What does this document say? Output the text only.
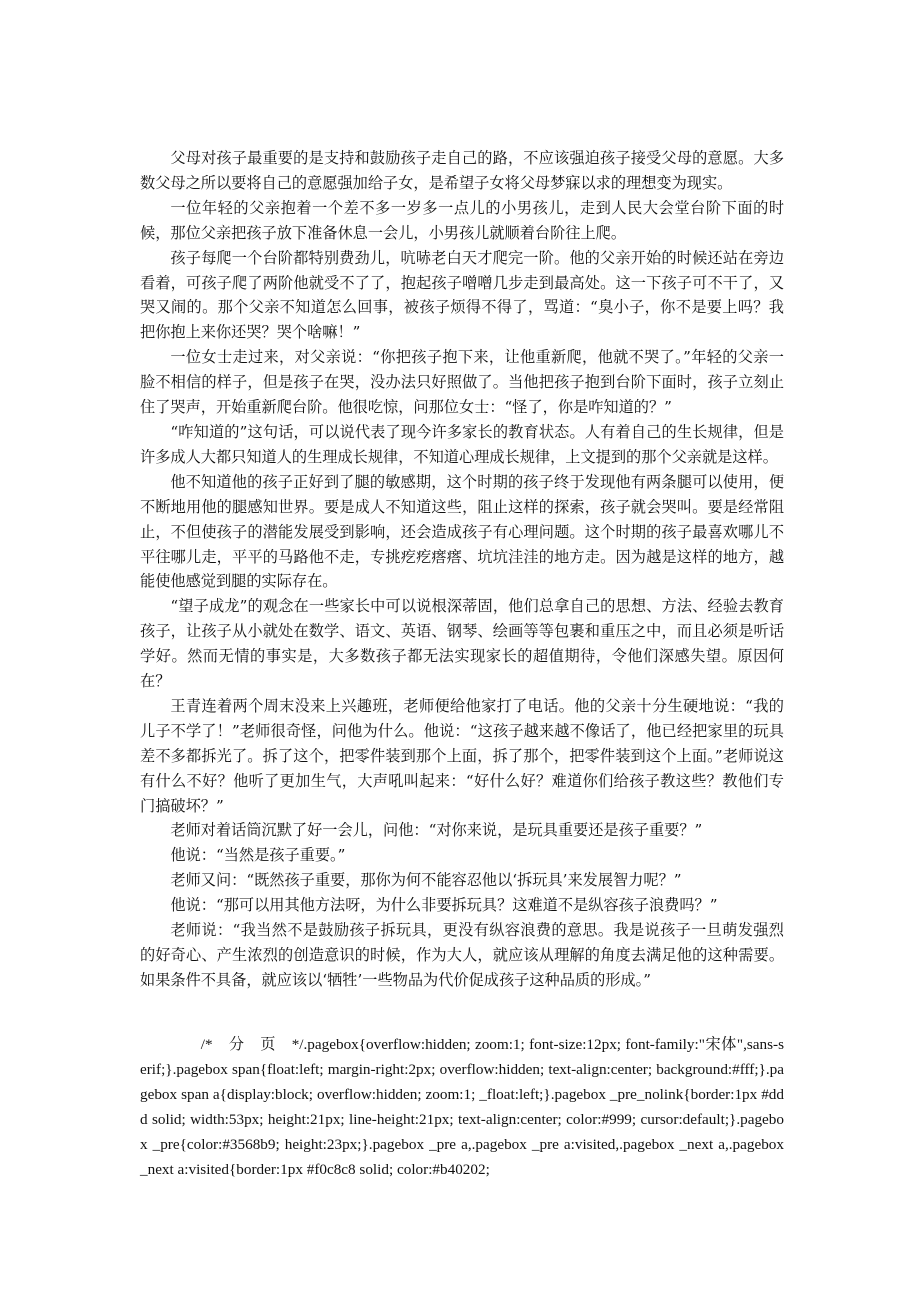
父母对孩子最重要的是支持和鼓励孩子走自己的路，不应该强迫孩子接受父母的意愿。大多数父母之所以要将自己的意愿强加给子女，是希望子女将父母梦寐以求的理想变为现实。

一位年轻的父亲抱着一个差不多一岁多一点儿的小男孩儿，走到人民大会堂台阶下面的时候，那位父亲把孩子放下准备休息一会儿，小男孩儿就顺着台阶往上爬。

孩子每爬一个台阶都特别费劲儿，吭哧老白天才爬完一阶。他的父亲开始的时候还站在旁边看着，可孩子爬了两阶他就受不了了，抱起孩子噌噌几步走到最高处。这一下孩子可不干了，又哭又闹的。那个父亲不知道怎么回事，被孩子烦得不得了，骂道：“臭小子，你不是要上吗？我把你抱上来你还哭？哭个啥嘛！”

一位女士走过来，对父亲说：“你把孩子抱下来，让他重新爬，他就不哭了。”年轻的父亲一脸不相信的样子，但是孩子在哭，没办法只好照做了。当他把孩子抱到台阶下面时，孩子立刻止住了哭声，开始重新爬台阶。他很吃惊，问那位女士：“怪了，你是咋知道的？”

“咋知道的”这句话，可以说代表了现今许多家长的教育状态。人有着自己的生长规律，但是许多成人大都只知道人的生理成长规律，不知道心理成长规律，上文提到的那个父亲就是这样。

他不知道他的孩子正好到了腿的敏感期，这个时期的孩子终于发现他有两条腿可以使用，便不断地用他的腿感知世界。要是成人不知道这些，阻止这样的探索，孩子就会哭叫。要是经常阻止，不但使孩子的潜能发展受到影响，还会造成孩子有心理问题。这个时期的孩子最喜欢哪儿不平往哪儿走，平平的马路他不走，专挑疙疙瘩瘩、坑坑洼洼的地方走。因为越是这样的地方，越能使他感觉到腿的实际存在。

“望子成龙”的观念在一些家长中可以说根深蒂固，他们总拿自己的思想、方法、经验去教育孩子，让孩子从小就处在数学、语文、英语、钢琴、绘画等等包裹和重压之中，而且必须是听话学好。然而无情的事实是，大多数孩子都无法实现家长的超值期待，令他们深感失望。原因何在？

王青连着两个周末没来上兴趣班，老师便给他家打了电话。他的父亲十分生硬地说：“我的儿子不学了！”老师很奇怪，问他为什么。他说：“这孩子越来越不像话了，他已经把家里的玩具差不多都拆光了。拆了这个，把零件装到那个上面，拆了那个，把零件装到这个上面。”老师说这有什么不好？他听了更加生气，大声吼叫起来：“好什么好？难道你们给孩子教这些？教他们专门搞破坏？”

老师对着话筒沉默了好一会儿，问他：“对你来说，是玩具重要还是孩子重要？”

他说：“当然是孩子重要。”

老师又问：“既然孩子重要，那你为何不能容忍他以‘拆玩具’来发展智力呢？”

他说：“那可以用其他方法呀，为什么非要拆玩具？这难道不是纵容孩子浪费吗？”

老师说：“我当然不是鼓励孩子拆玩具，更没有纵容浪费的意思。我是说孩子一旦萌发强烈的好奇心、产生浓烈的创造意识的时候，作为大人，就应该从理解的角度去满足他的这种需要。如果条件不具备，就应该以‘牺牲’一些物品为代价促成孩子这种品质的形成。”

/*　分　页　*/.pagebox{overflow:hidden; zoom:1; font-size:12px; font-family:"宋体",sans-serif;}.pagebox span{float:left; margin-right:2px; overflow:hidden; text-align:center; background:#fff;}.pagebox span a{display:block; overflow:hidden; zoom:1; _float:left;}.pagebox _pre_nolink{border:1px #ddd solid; width:53px; height:21px; line-height:21px; text-align:center; color:#999; cursor:default;}.pagebox _pre{color:#3568b9; height:23px;}.pagebox _pre a,.pagebox _pre a:visited,.pagebox _next a,.pagebox _next a:visited{border:1px #f0c8c8 solid; color:#b40202;
